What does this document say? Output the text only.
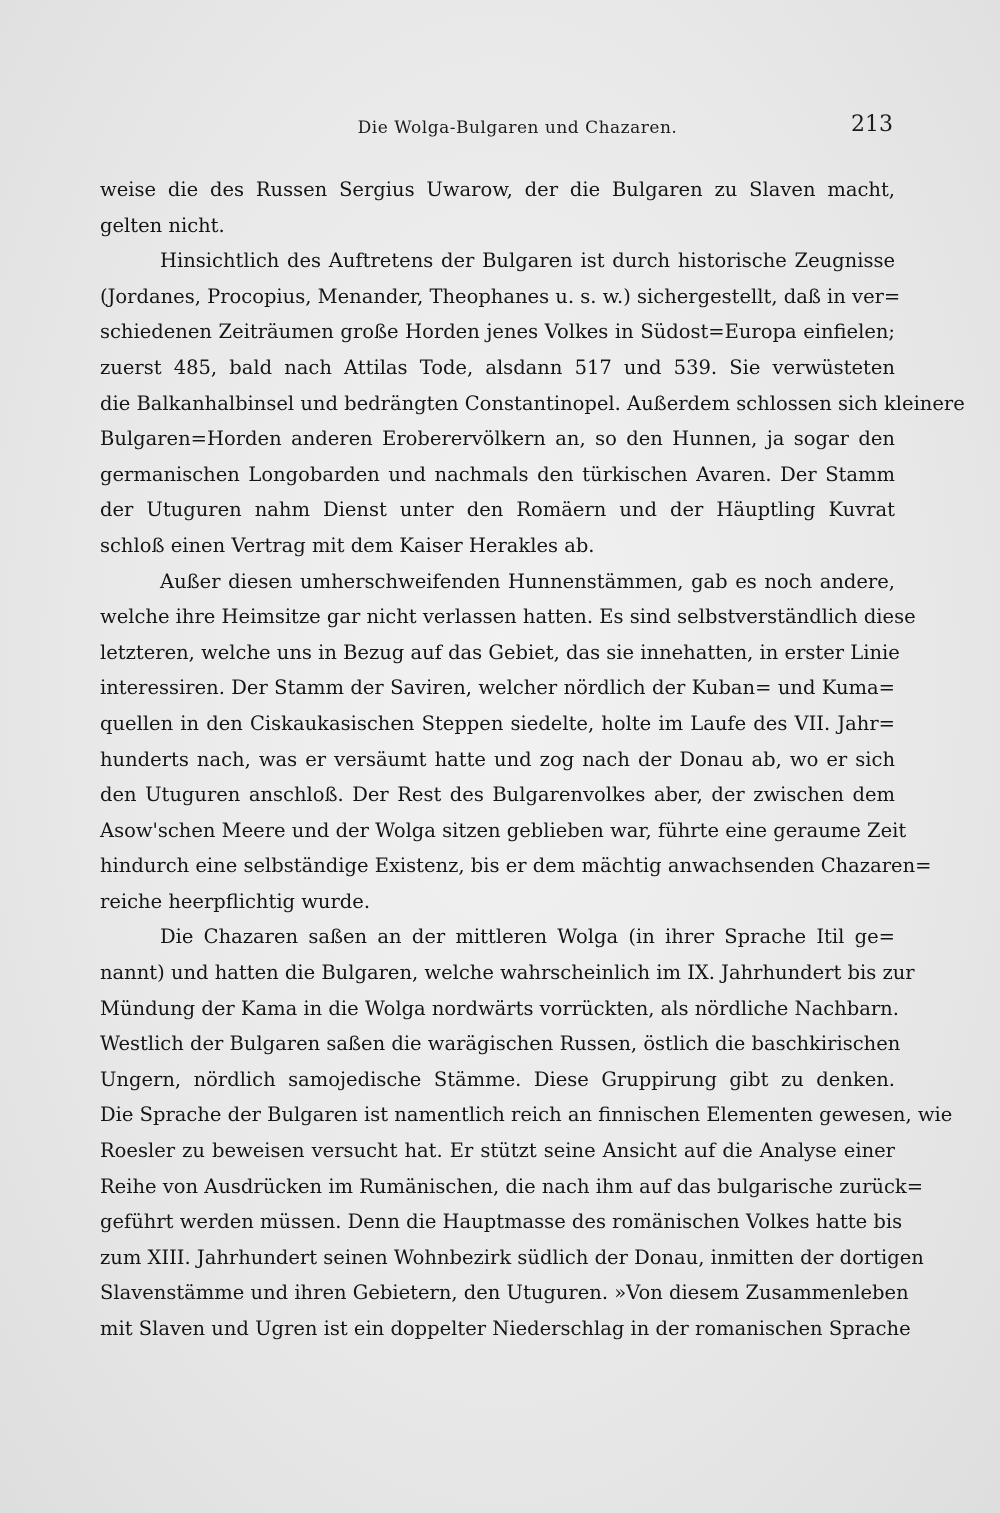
Die Wolga-Bulgaren und Chazaren.	213
weise die des Russen Sergius Uwarow, der die Bulgaren zu Slaven macht,
gelten nicht.
Hinsichtlich des Auftretens der Bulgaren ist durch historische Zeugnisse
(Jordanes, Procopius, Menander, Theophanes u. s. w.) sichergestellt, daß in ver=
schiedenen Zeiträumen große Horden jenes Volkes in Südost=Europa einfielen;
zuerst 485, bald nach Attilas Tode, alsdann 517 und 539. Sie verwüsteten
die Balkanhalbinsel und bedrängten Constantinopel. Außerdem schlossen sich kleinere
Bulgaren=Horden anderen Eroberervölkern an, so den Hunnen, ja sogar den
germanischen Longobarden und nachmals den türkischen Avaren. Der Stamm
der Utuguren nahm Dienst unter den Romäern und der Häuptling Kuvrat
schloß einen Vertrag mit dem Kaiser Herakles ab.
Außer diesen umherschweifenden Hunnenstämmen, gab es noch andere,
welche ihre Heimsitze gar nicht verlassen hatten. Es sind selbstverständlich diese
letzteren, welche uns in Bezug auf das Gebiet, das sie innehatten, in erster Linie
interessiren. Der Stamm der Saviren, welcher nördlich der Kuban= und Kuma=
quellen in den Ciskaukasischen Steppen siedelte, holte im Laufe des VII. Jahr=
hunderts nach, was er versäumt hatte und zog nach der Donau ab, wo er sich
den Utuguren anschloß. Der Rest des Bulgarenvolkes aber, der zwischen dem
Asow'schen Meere und der Wolga sitzen geblieben war, führte eine geraume Zeit
hindurch eine selbständige Existenz, bis er dem mächtig anwachsenden Chazaren=
reiche heerpflichtig wurde.
Die Chazaren saßen an der mittleren Wolga (in ihrer Sprache Itil ge=
nannt) und hatten die Bulgaren, welche wahrscheinlich im IX. Jahrhundert bis zur
Mündung der Kama in die Wolga nordwärts vorrückten, als nördliche Nachbarn.
Westlich der Bulgaren saßen die warägischen Russen, östlich die baschkirischen
Ungern, nördlich samojedische Stämme. Diese Gruppirung gibt zu denken.
Die Sprache der Bulgaren ist namentlich reich an finnischen Elementen gewesen, wie
Roesler zu beweisen versucht hat. Er stützt seine Ansicht auf die Analyse einer
Reihe von Ausdrücken im Rumänischen, die nach ihm auf das bulgarische zurück=
geführt werden müssen. Denn die Hauptmasse des romänischen Volkes hatte bis
zum XIII. Jahrhundert seinen Wohnbezirk südlich der Donau, inmitten der dortigen
Slavenstämme und ihren Gebietern, den Utuguren. »Von diesem Zusammenleben
mit Slaven und Ugren ist ein doppelter Niederschlag in der romanischen Sprache
